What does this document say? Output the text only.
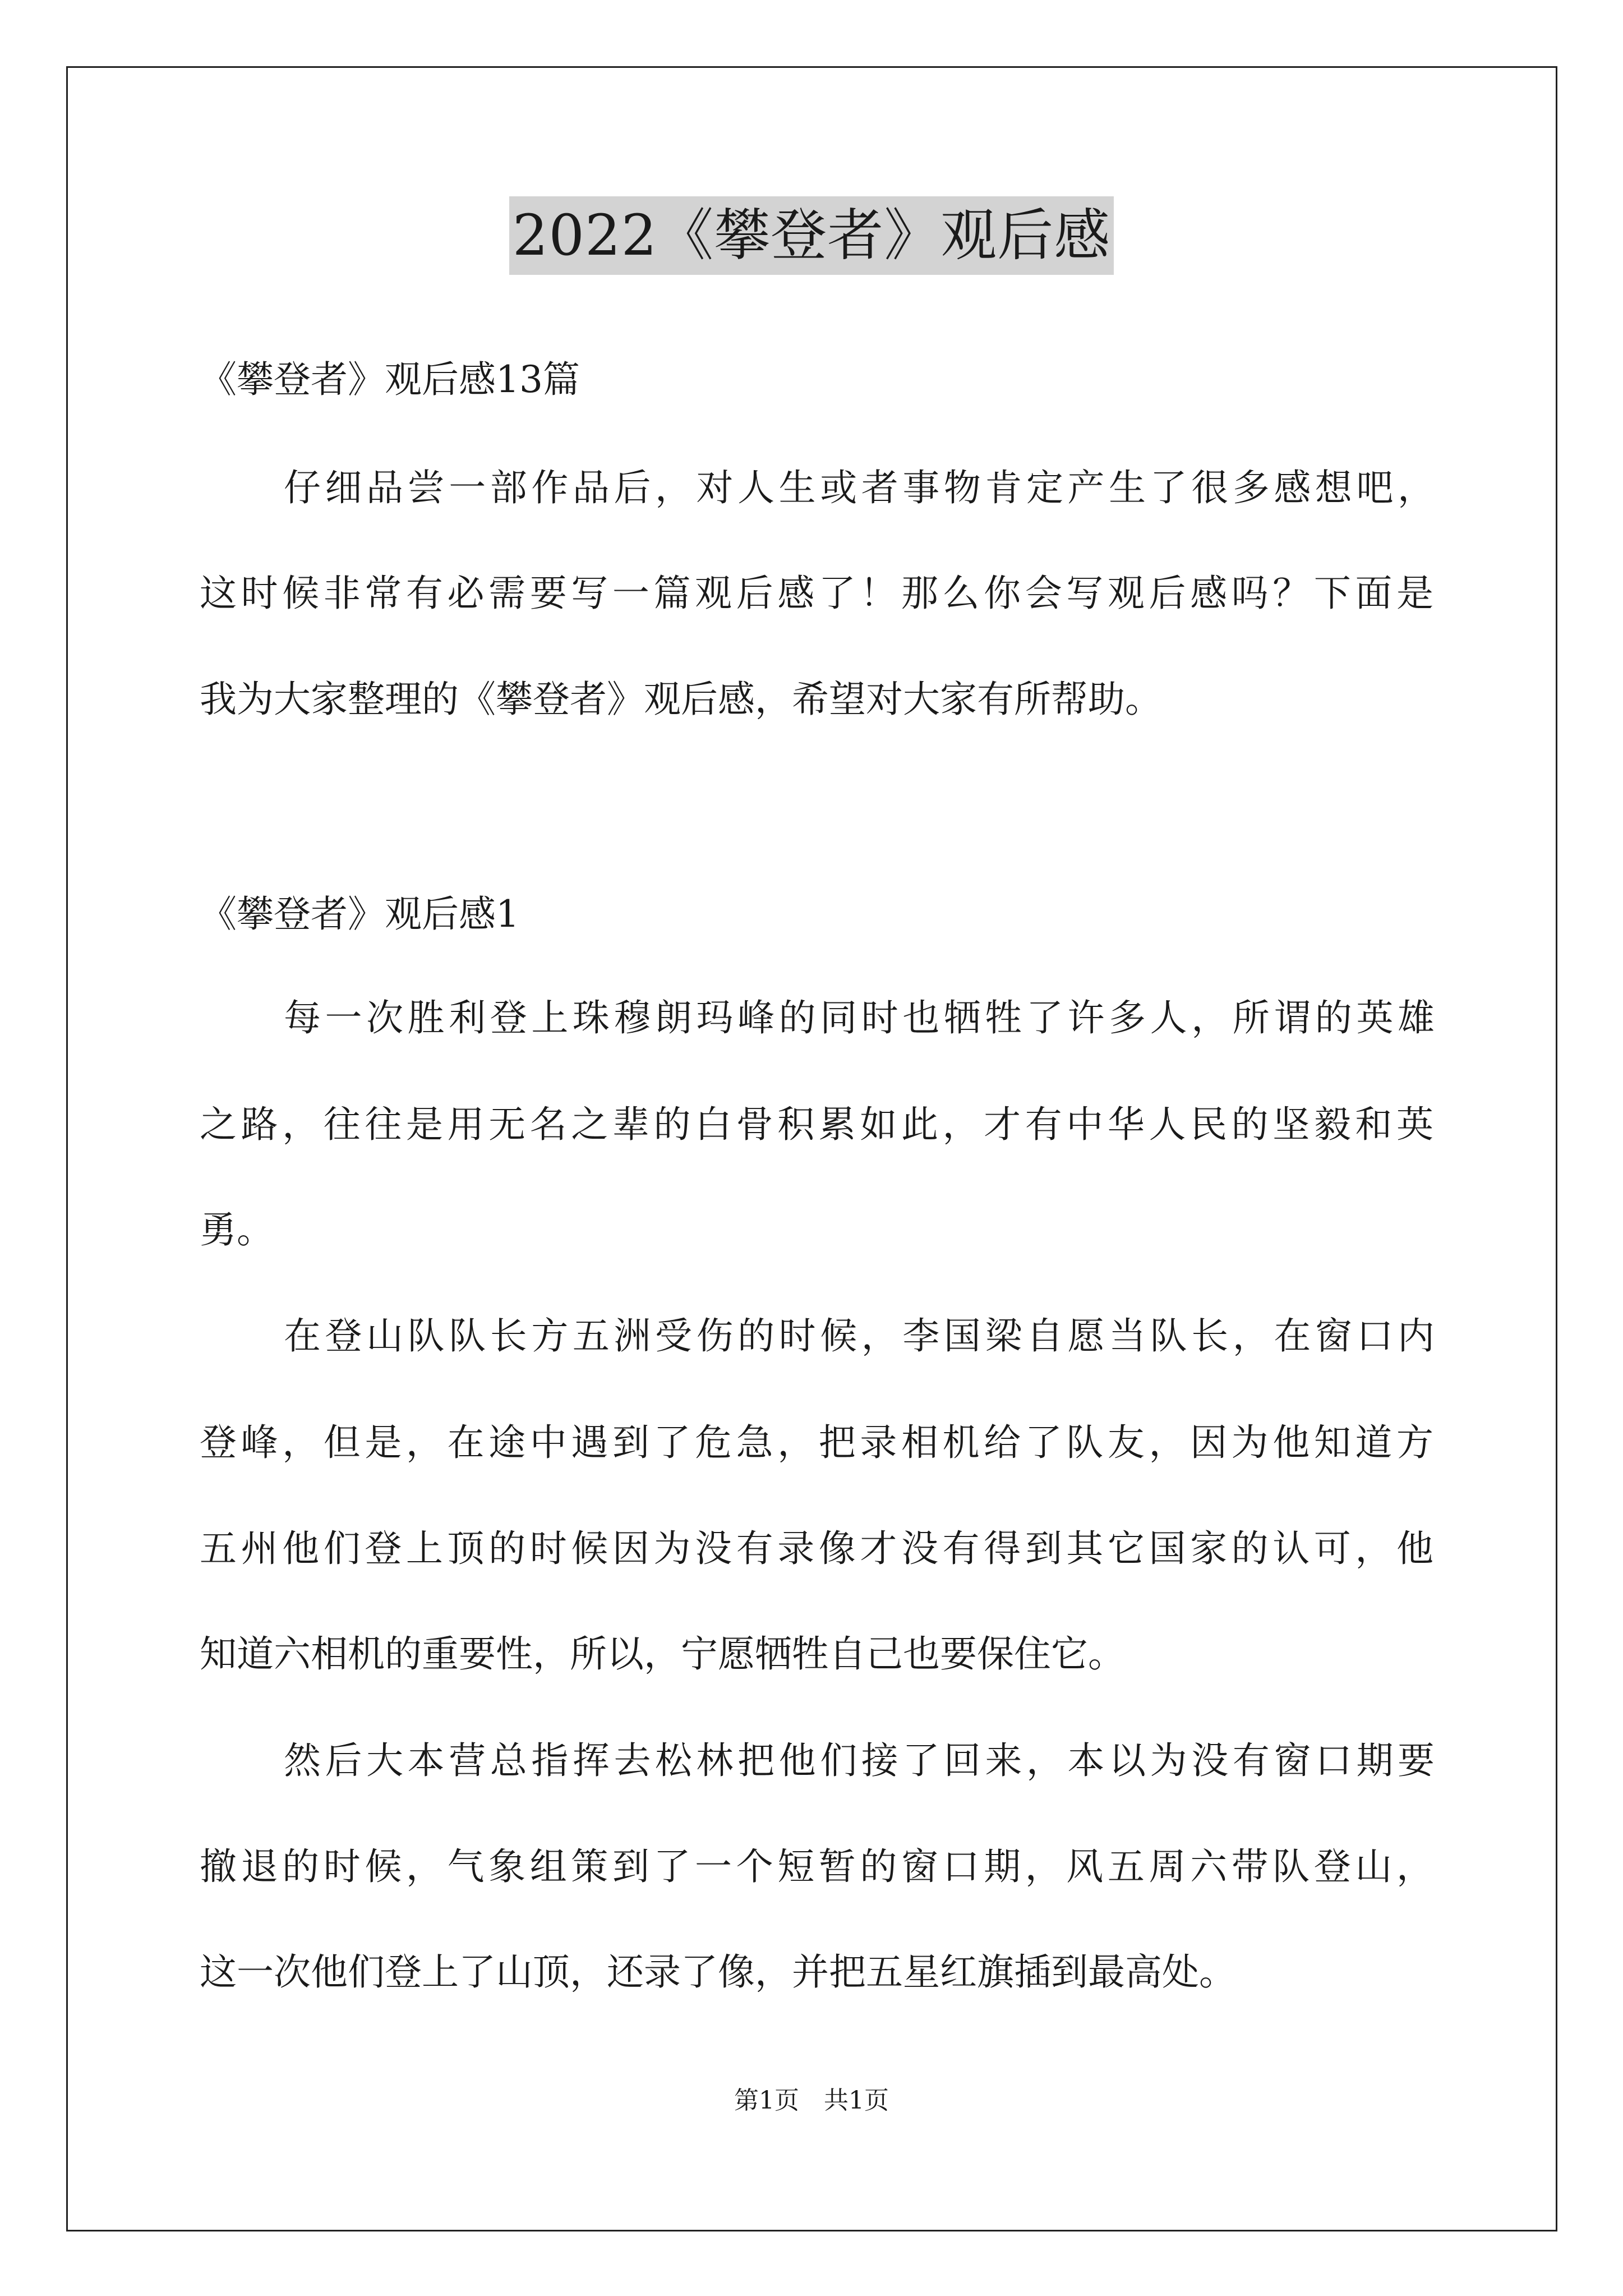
2022《攀登者》观后感
《攀登者》观后感13篇
仔细品尝一部作品后，对人生或者事物肯定产生了很多感想吧，
这时候非常有必需要写一篇观后感了！那么你会写观后感吗？下面是
我为大家整理的《攀登者》观后感，希望对大家有所帮助。
《攀登者》观后感1
每一次胜利登上珠穆朗玛峰的同时也牺牲了许多人，所谓的英雄
之路，往往是用无名之辈的白骨积累如此，才有中华人民的坚毅和英
勇。
在登山队队长方五洲受伤的时候，李国梁自愿当队长，在窗口内
登峰，但是，在途中遇到了危急，把录相机给了队友，因为他知道方
五州他们登上顶的时候因为没有录像才没有得到其它国家的认可，他
知道六相机的重要性，所以，宁愿牺牲自己也要保住它。
然后大本营总指挥去松林把他们接了回来，本以为没有窗口期要
撤退的时候，气象组策到了一个短暂的窗口期，风五周六带队登山，
这一次他们登上了山顶，还录了像，并把五星红旗插到最高处。
第1页　共1页
